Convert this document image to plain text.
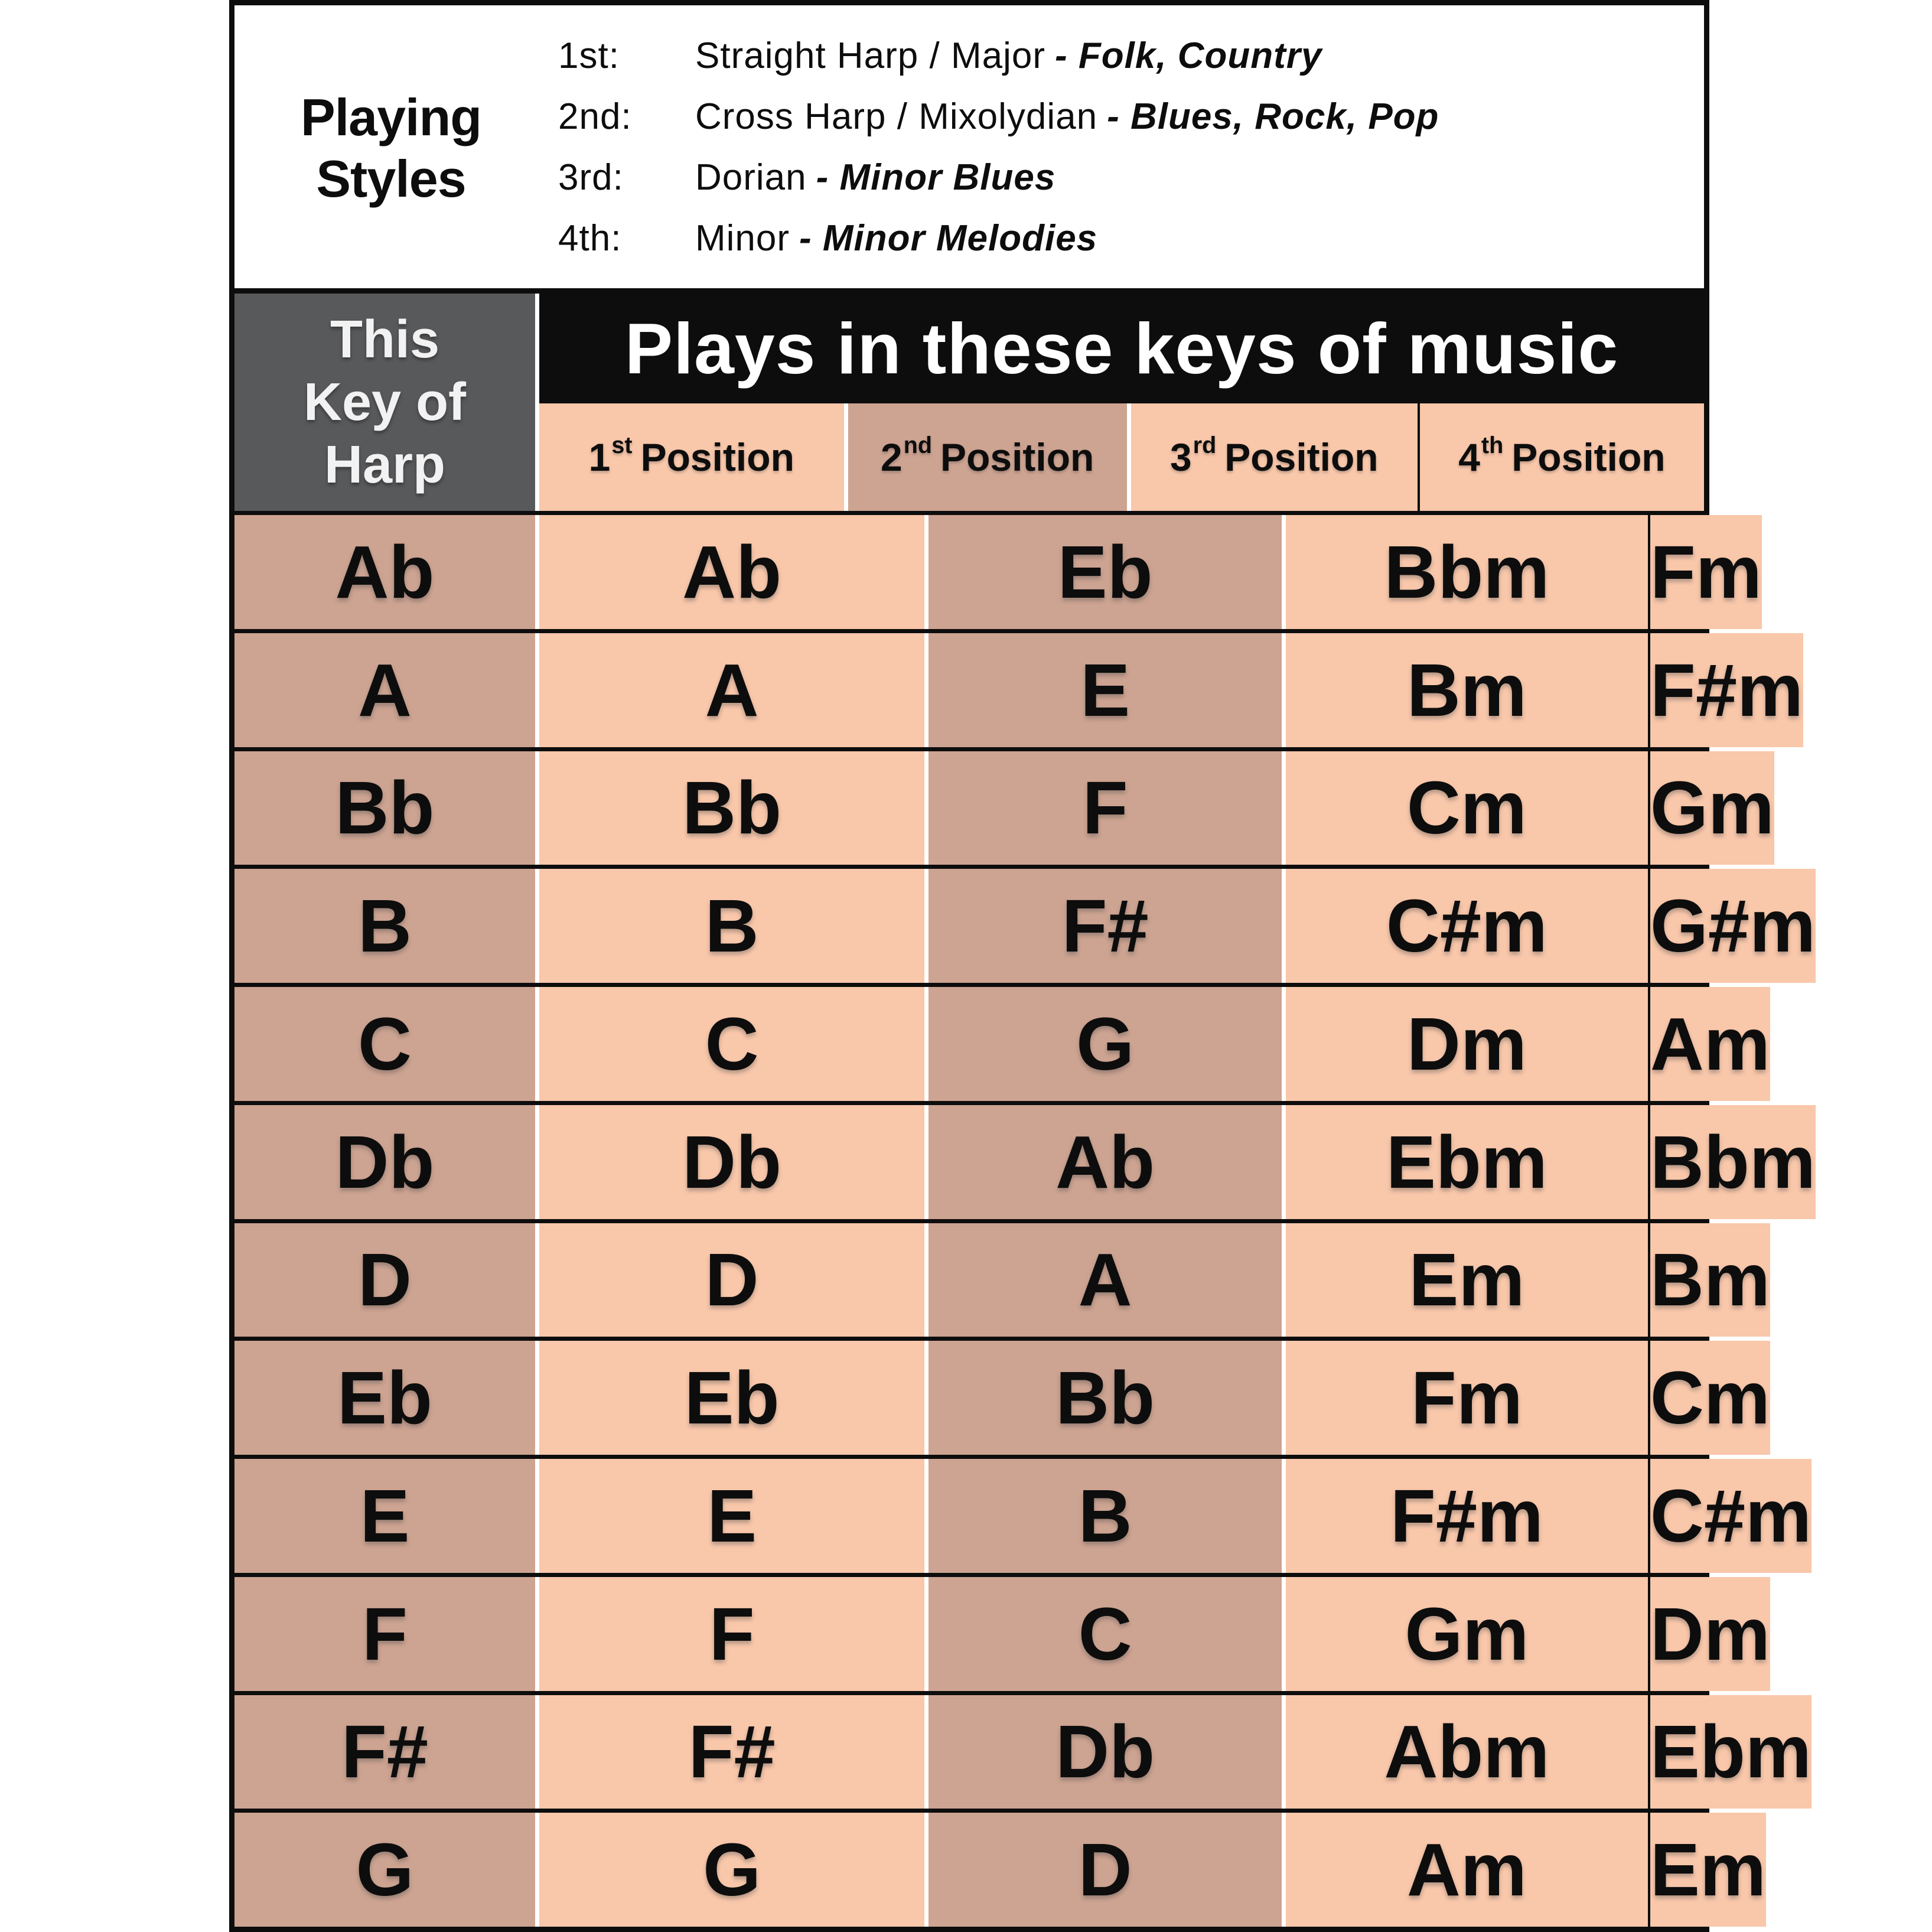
Playing
Styles
1st:	Straight Harp / Major - Folk, Country
2nd:	Cross Harp / Mixolydian - Blues, Rock, Pop
3rd:	Dorian - Minor Blues
4th:	Minor - Minor Melodies
This
Key of
Harp
Plays in these keys of music
1st Position 2nd Position 3rd Position 4th Position
Ab	Ab	Eb	Bbm	Fm
A	A	E	Bm	F#m
Bb	Bb	F	Cm	Gm
B	B	F#	C#m	G#m
C	C	G	Dm	Am
Db	Db	Ab	Ebm	Bbm
D	D	A	Em	Bm
Eb	Eb	Bb	Fm	Cm
E	E	B	F#m	C#m
F	F	C	Gm	Dm
F#	F#	Db	Abm	Ebm
G	G	D	Am	Em
